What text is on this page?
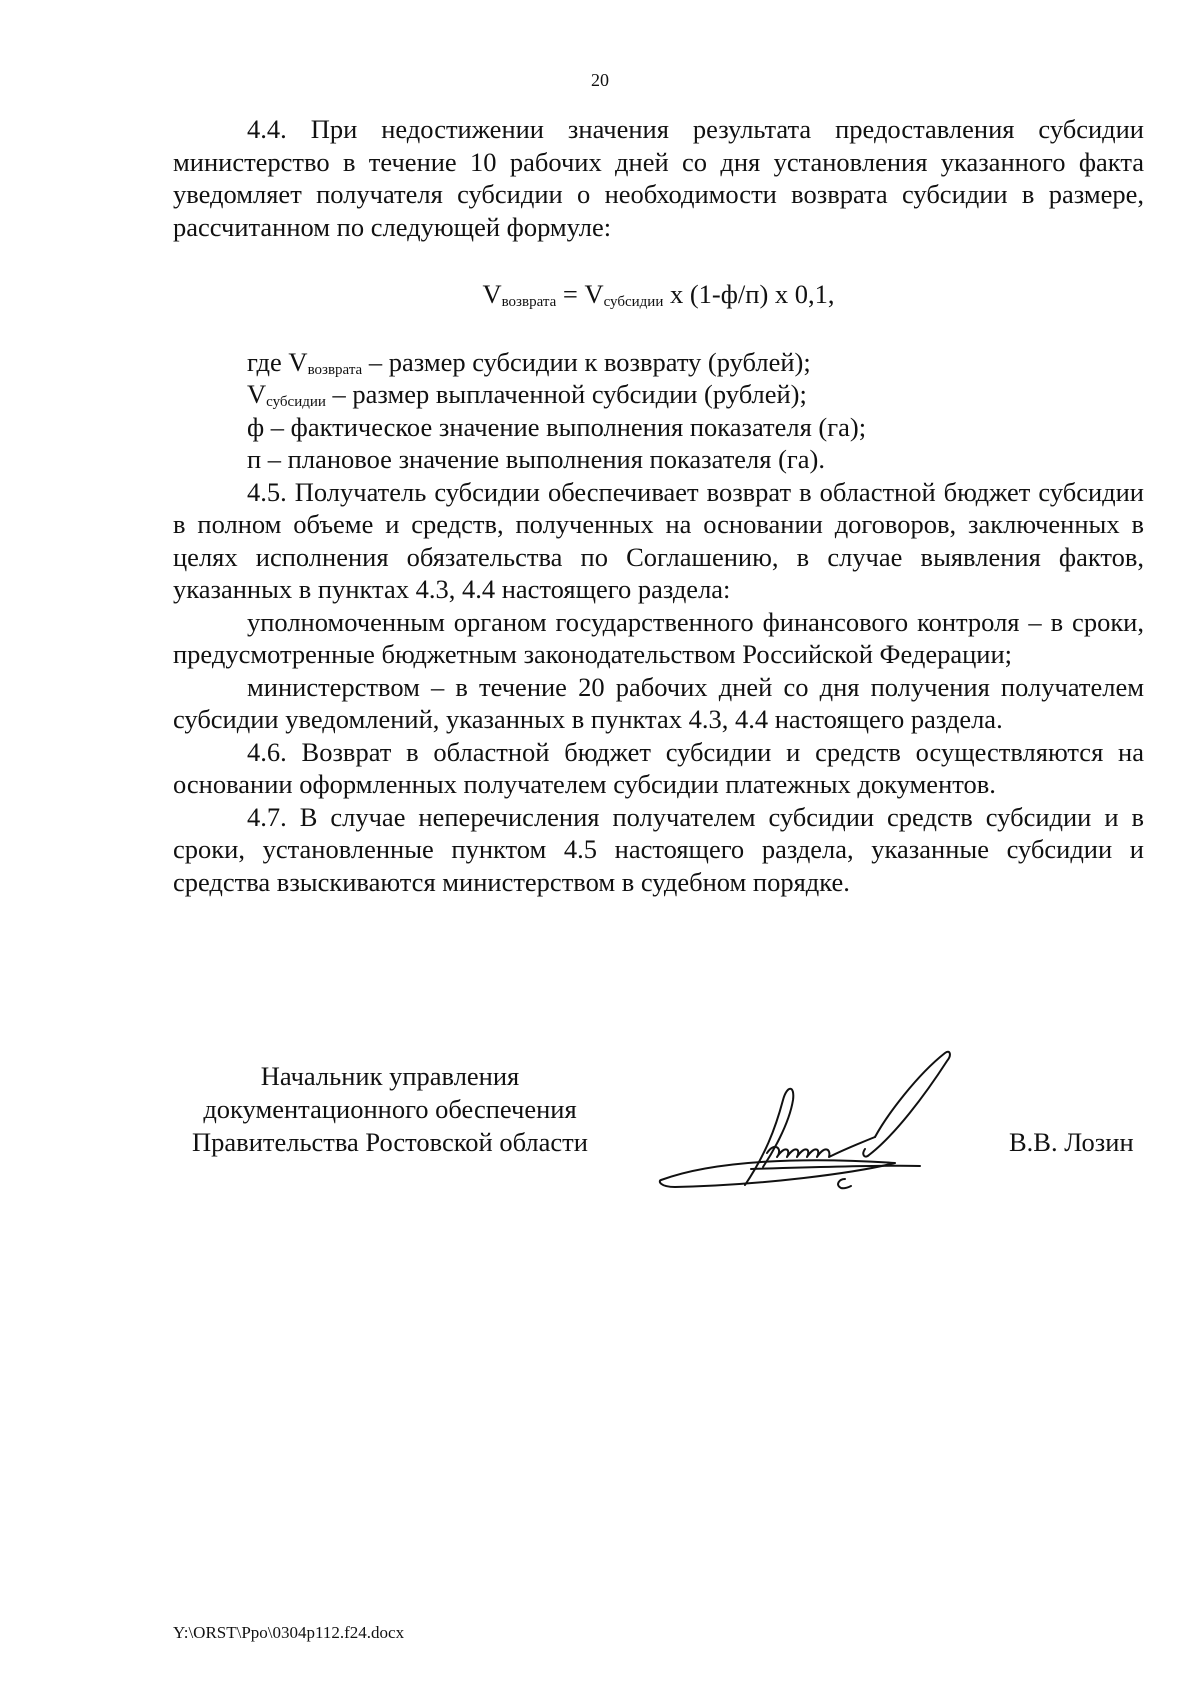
20

4.4. При недостижении значения результата предоставления субсидии министерство в течение 10 рабочих дней со дня установления указанного факта уведомляет получателя субсидии о необходимости возврата субсидии в размере, рассчитанном по следующей формуле:

$V_{возврата} = V_{субсидии}$ х (1-ф/п) х 0,1,

где $V_{возврата}$ – размер субсидии к возврату (рублей);

$V_{субсидии}$ – размер выплаченной субсидии (рублей);

ф – фактическое значение выполнения показателя (га);

п – плановое значение выполнения показателя (га).

4.5. Получатель субсидии обеспечивает возврат в областной бюджет субсидии в полном объеме и средств, полученных на основании договоров, заключенных в целях исполнения обязательства по Соглашению, в случае выявления фактов, указанных в пунктах 4.3, 4.4 настоящего раздела:

уполномоченным органом государственного финансового контроля – в сроки, предусмотренные бюджетным законодательством Российской Федерации;

министерством – в течение 20 рабочих дней со дня получения получателем субсидии уведомлений, указанных в пунктах 4.3, 4.4 настоящего раздела.

4.6. Возврат в областной бюджет субсидии и средств осуществляются на основании оформленных получателем субсидии платежных документов.

4.7. В случае неперечисления получателем субсидии средств субсидии и в сроки, установленные пунктом 4.5 настоящего раздела, указанные субсидии и средства взыскиваются министерством в судебном порядке.

Начальник управления
документационного обеспечения
Правительства Ростовской области	В.В. Лозин
Y:\ORST\Ppo\0304p112.f24.docx
